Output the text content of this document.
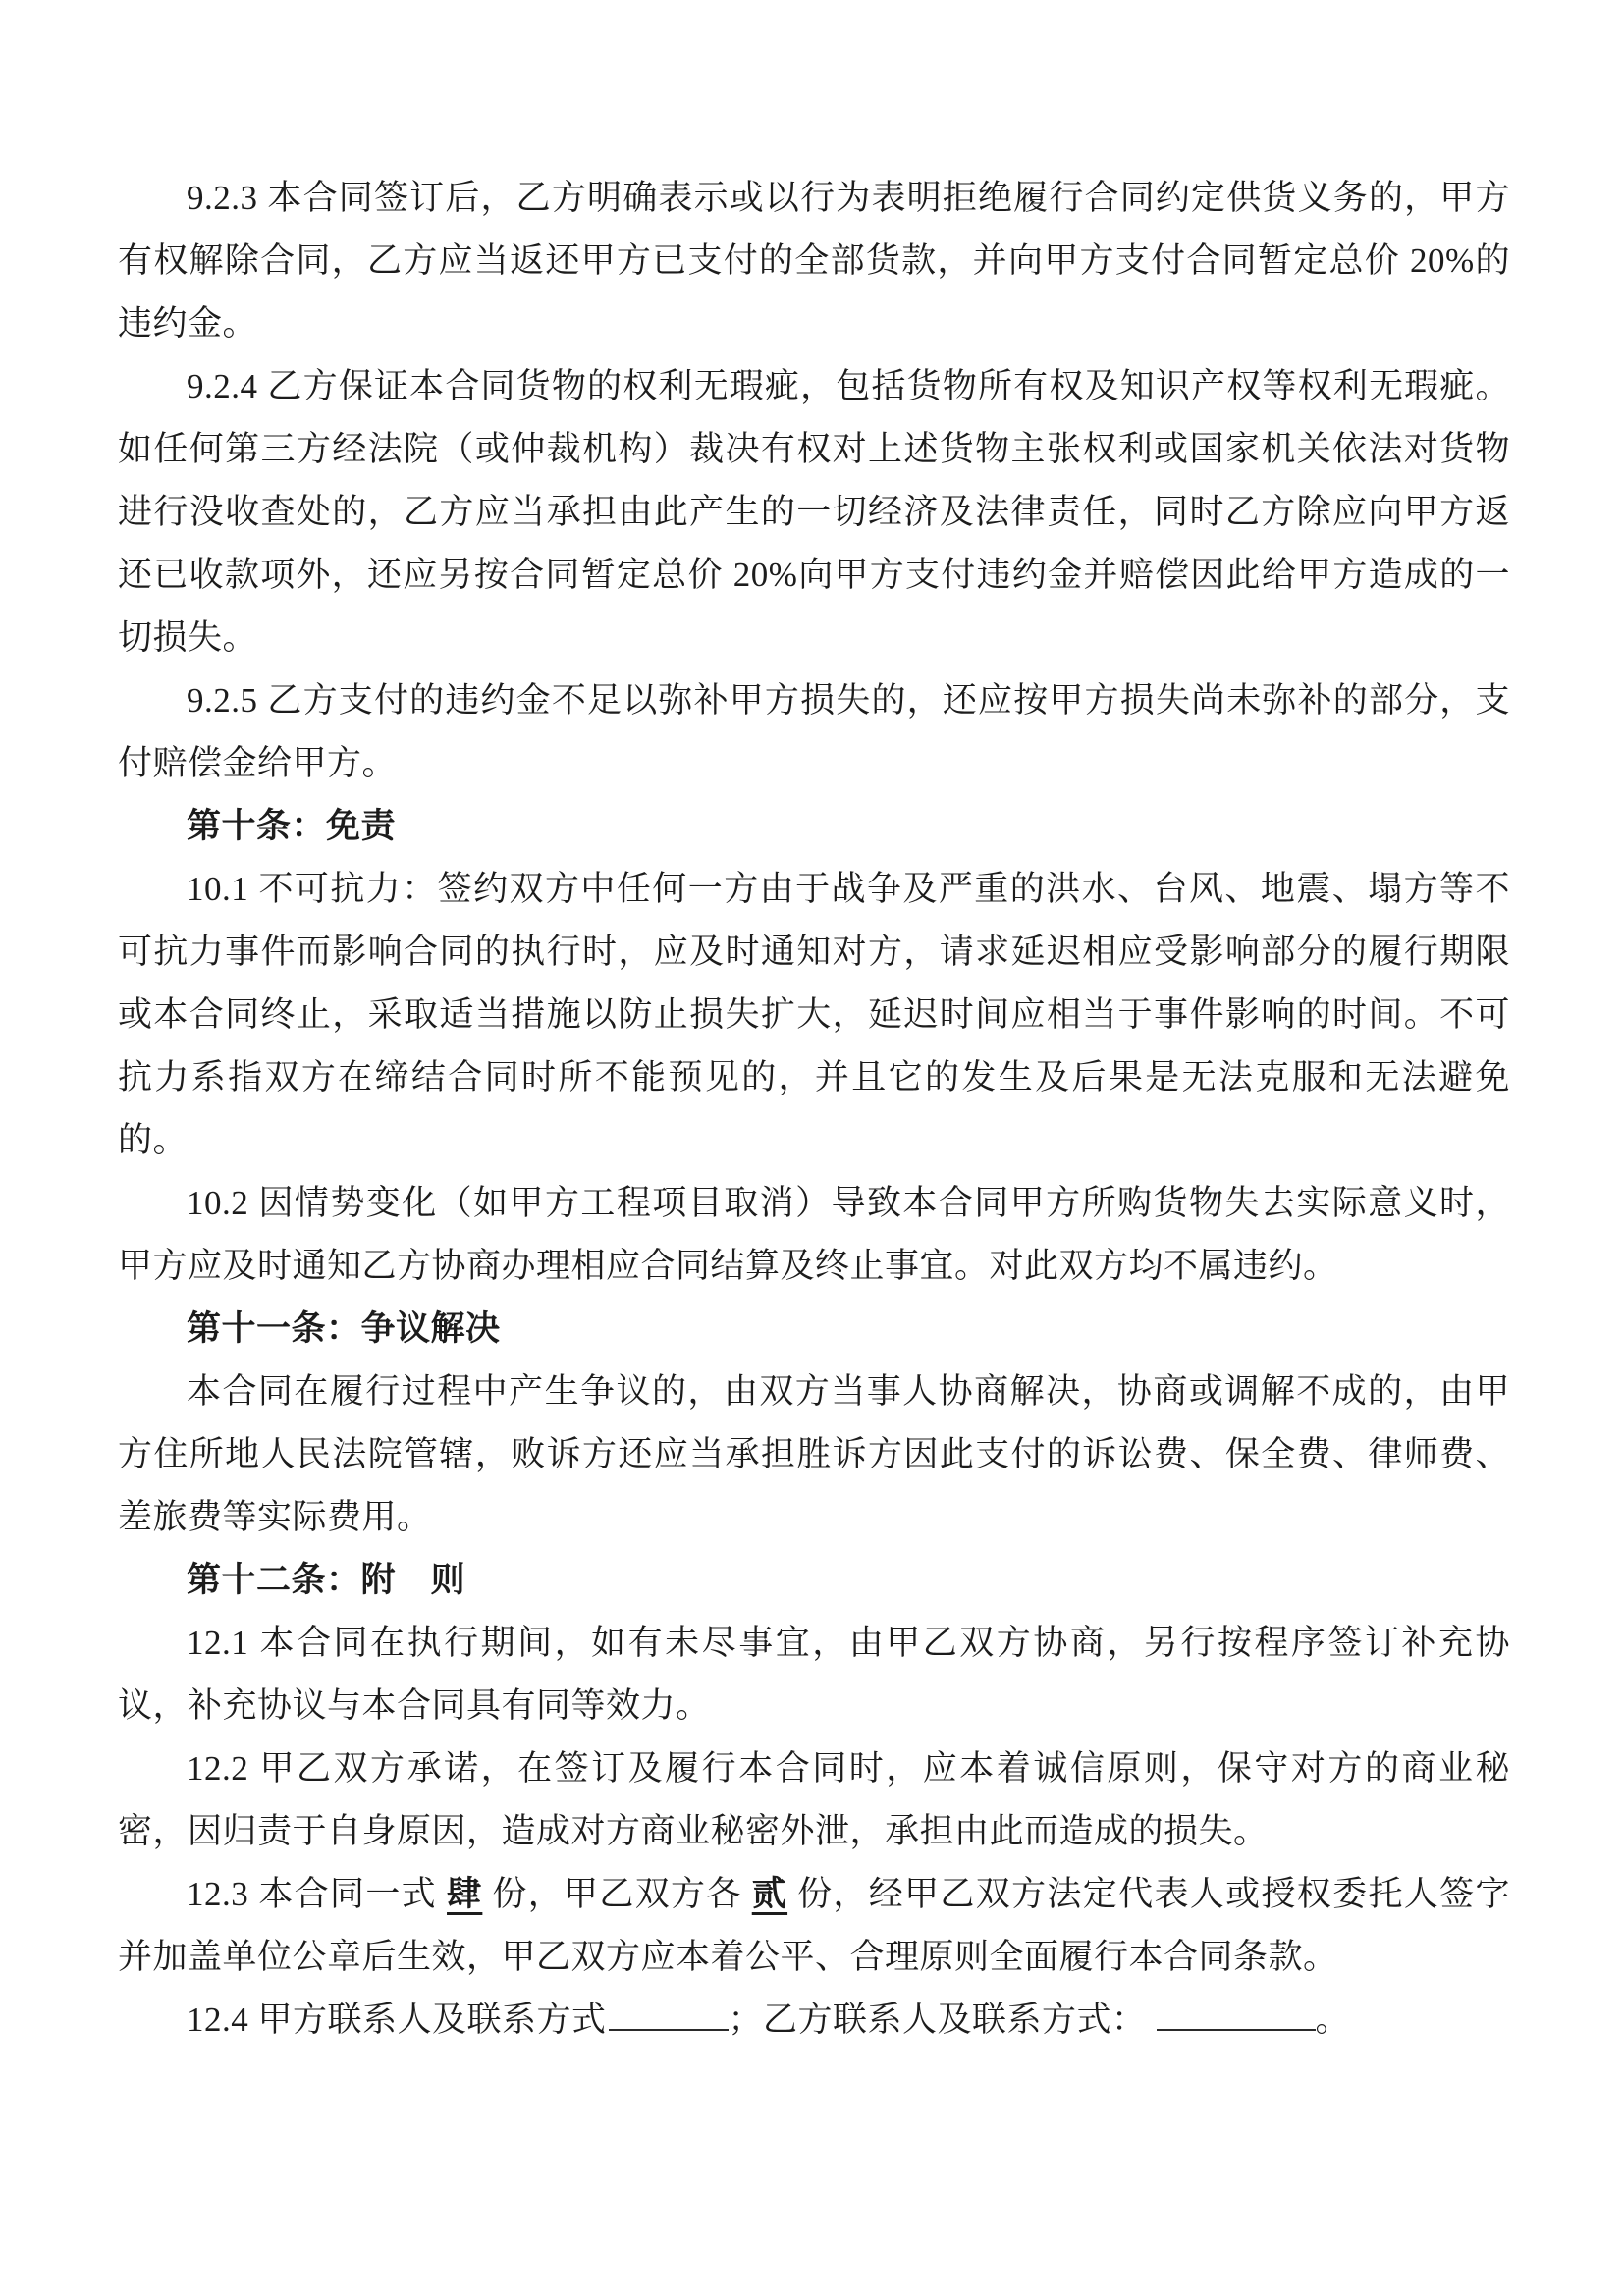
9.2.3 本合同签订后，乙方明确表示或以行为表明拒绝履行合同约定供货义务的，甲方有权解除合同，乙方应当返还甲方已支付的全部货款，并向甲方支付合同暂定总价 20%的违约金。

9.2.4 乙方保证本合同货物的权利无瑕疵，包括货物所有权及知识产权等权利无瑕疵。如任何第三方经法院（或仲裁机构）裁决有权对上述货物主张权利或国家机关依法对货物进行没收查处的，乙方应当承担由此产生的一切经济及法律责任，同时乙方除应向甲方返还已收款项外，还应另按合同暂定总价 20%向甲方支付违约金并赔偿因此给甲方造成的一切损失。

9.2.5 乙方支付的违约金不足以弥补甲方损失的，还应按甲方损失尚未弥补的部分，支付赔偿金给甲方。

第十条：免责

10.1 不可抗力：签约双方中任何一方由于战争及严重的洪水、台风、地震、塌方等不可抗力事件而影响合同的执行时，应及时通知对方，请求延迟相应受影响部分的履行期限或本合同终止，采取适当措施以防止损失扩大，延迟时间应相当于事件影响的时间。不可抗力系指双方在缔结合同时所不能预见的，并且它的发生及后果是无法克服和无法避免的。

10.2 因情势变化（如甲方工程项目取消）导致本合同甲方所购货物失去实际意义时，甲方应及时通知乙方协商办理相应合同结算及终止事宜。对此双方均不属违约。

第十一条：争议解决

本合同在履行过程中产生争议的，由双方当事人协商解决，协商或调解不成的，由甲方住所地人民法院管辖，败诉方还应当承担胜诉方因此支付的诉讼费、保全费、律师费、差旅费等实际费用。

第十二条：附　则

12.1 本合同在执行期间，如有未尽事宜，由甲乙双方协商，另行按程序签订补充协议，补充协议与本合同具有同等效力。

12.2 甲乙双方承诺，在签订及履行本合同时，应本着诚信原则，保守对方的商业秘密，因归责于自身原因，造成对方商业秘密外泄，承担由此而造成的损失。

12.3 本合同一式 肆 份，甲乙双方各 贰 份，经甲乙双方法定代表人或授权委托人签字并加盖单位公章后生效，甲乙双方应本着公平、合理原则全面履行本合同条款。

12.4 甲方联系人及联系方式	；乙方联系人及联系方式：	。
